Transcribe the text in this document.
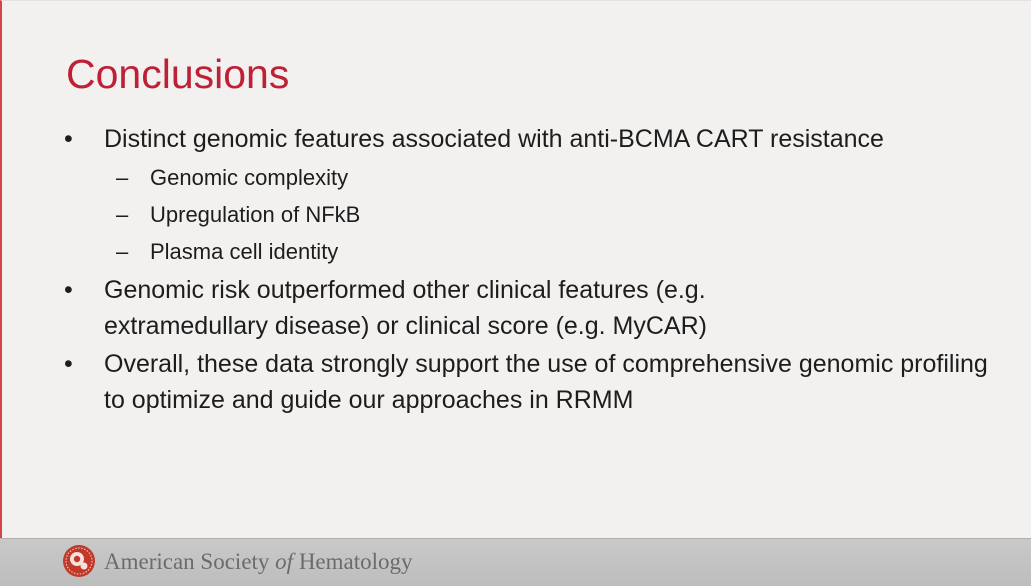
Conclusions
•	Distinct genomic features associated with anti-BCMA CART resistance
– Genomic complexity
– Upregulation of NFkB
– Plasma cell identity
•	Genomic risk outperformed other clinical features (e.g. extramedullary disease) or clinical score (e.g. MyCAR)
•	Overall, these data strongly support the use of comprehensive genomic profiling to optimize and guide our approaches in RRMM
American Society of Hematology
